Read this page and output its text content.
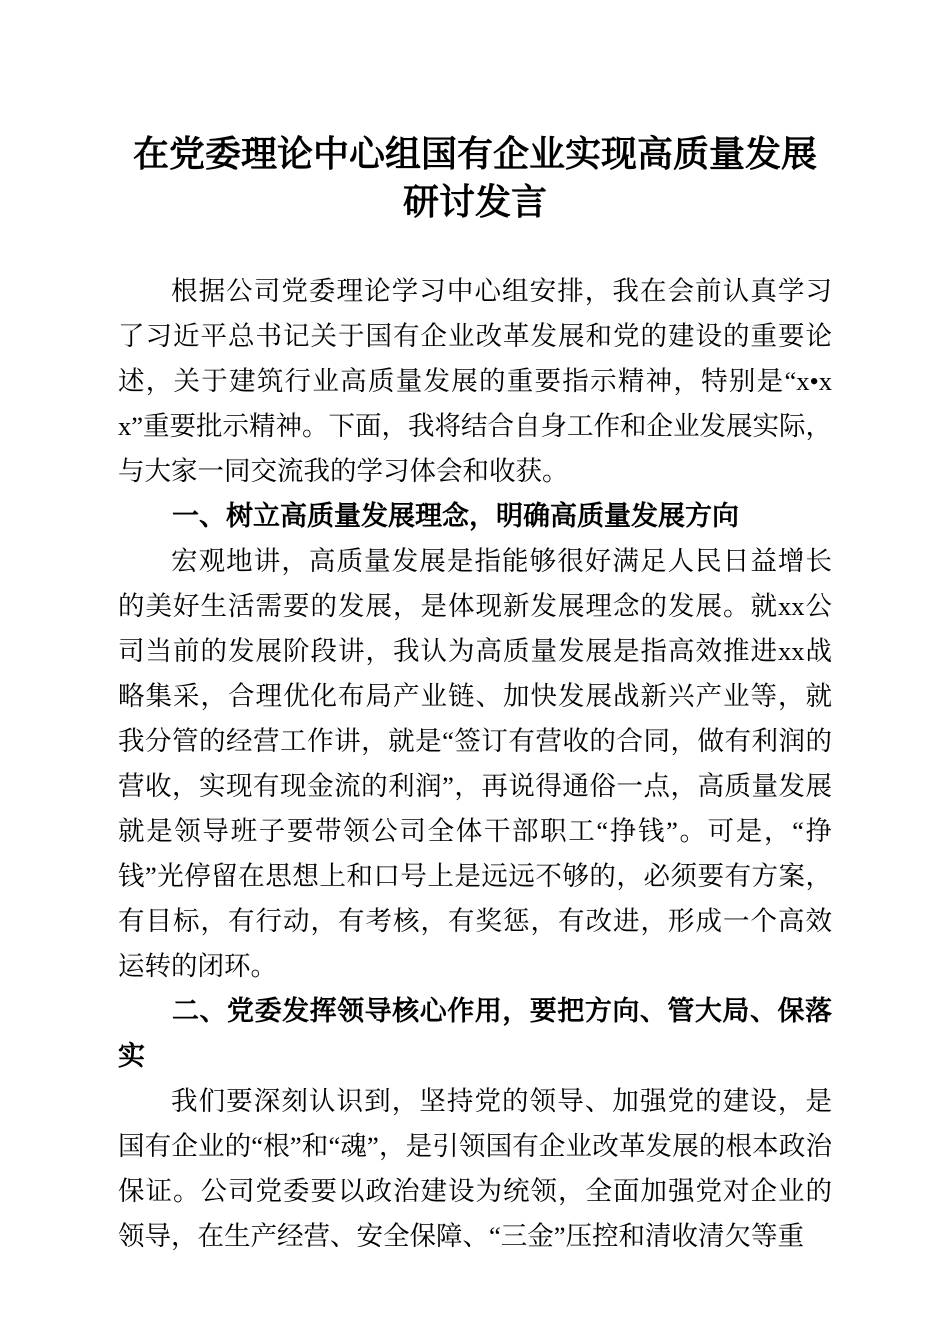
在党委理论中心组国有企业实现高质量发展研讨发言

根据公司党委理论学习中心组安排，我在会前认真学习了习近平总书记关于国有企业改革发展和党的建设的重要论述，关于建筑行业高质量发展的重要指示精神，特别是“x•xx”重要批示精神。下面，我将结合自身工作和企业发展实际，与大家一同交流我的学习体会和收获。

一、树立高质量发展理念，明确高质量发展方向

宏观地讲，高质量发展是指能够很好满足人民日益增长的美好生活需要的发展，是体现新发展理念的发展。就xx公司当前的发展阶段讲，我认为高质量发展是指高效推进xx战略集采，合理优化布局产业链、加快发展战新兴产业等，就我分管的经营工作讲，就是“签订有营收的合同，做有利润的营收，实现有现金流的利润”，再说得通俗一点，高质量发展就是领导班子要带领公司全体干部职工“挣钱”。可是，“挣钱”光停留在思想上和口号上是远远不够的，必须要有方案，有目标，有行动，有考核，有奖惩，有改进，形成一个高效运转的闭环。

二、党委发挥领导核心作用，要把方向、管大局、保落实

我们要深刻认识到，坚持党的领导、加强党的建设，是国有企业的“根”和“魂”，是引领国有企业改革发展的根本政治保证。公司党委要以政治建设为统领，全面加强党对企业的领导，在生产经营、安全保障、“三金”压控和清收清欠等重
